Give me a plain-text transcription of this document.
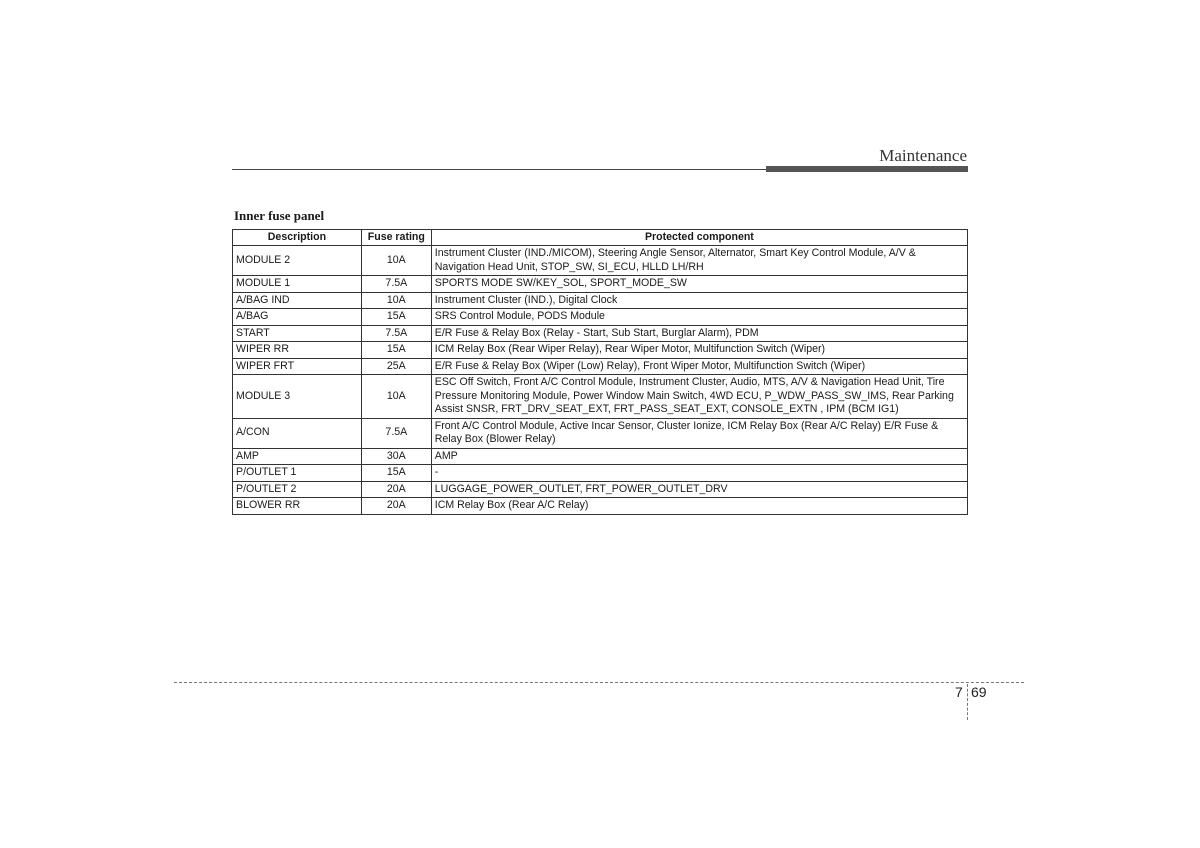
Maintenance
Inner fuse panel
Description	Fuse rating	Protected component
MODULE 2	10A	Instrument Cluster (IND./MICOM), Steering Angle Sensor, Alternator, Smart Key Control Module, A/V & Navigation Head Unit, STOP_SW, SI_ECU, HLLD LH/RH
MODULE 1	7.5A	SPORTS MODE SW/KEY_SOL, SPORT_MODE_SW
A/BAG IND	10A	Instrument Cluster (IND.), Digital Clock
A/BAG	15A	SRS Control Module, PODS Module
START	7.5A	E/R Fuse & Relay Box (Relay - Start, Sub Start, Burglar Alarm), PDM
WIPER RR	15A	ICM Relay Box (Rear Wiper Relay), Rear Wiper Motor, Multifunction Switch (Wiper)
WIPER FRT	25A	E/R Fuse & Relay Box (Wiper (Low) Relay), Front Wiper Motor, Multifunction Switch (Wiper)
MODULE 3	10A	ESC Off Switch, Front A/C Control Module, Instrument Cluster, Audio, MTS, A/V & Navigation Head Unit, Tire Pressure Monitoring Module, Power Window Main Switch, 4WD ECU, P_WDW_PASS_SW_IMS, Rear Parking Assist SNSR, FRT_DRV_SEAT_EXT, FRT_PASS_SEAT_EXT, CONSOLE_EXTN , IPM (BCM IG1)
A/CON	7.5A	Front A/C Control Module, Active Incar Sensor, Cluster Ionize, ICM Relay Box (Rear A/C Relay) E/R Fuse & Relay Box (Blower Relay)
AMP	30A	AMP
P/OUTLET 1	15A	-
P/OUTLET 2	20A	LUGGAGE_POWER_OUTLET, FRT_POWER_OUTLET_DRV
BLOWER RR	20A	ICM Relay Box (Rear A/C Relay)
7 69
